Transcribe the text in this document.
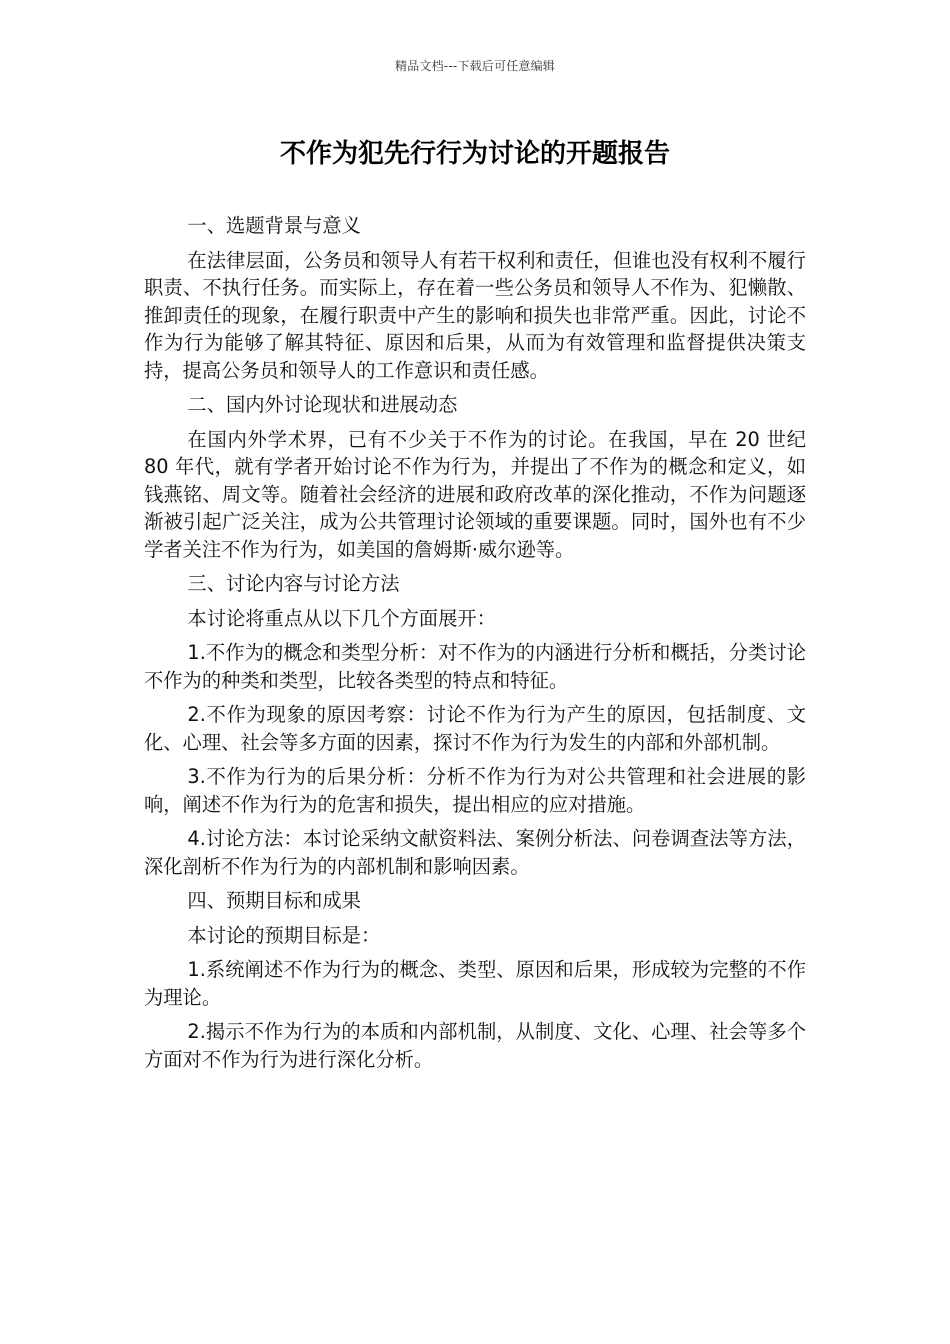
精品文档---下载后可任意编辑
不作为犯先行行为讨论的开题报告

一、选题背景与意义

在法律层面，公务员和领导人有若干权利和责任，但谁也没有权利不履行职责、不执行任务。而实际上，存在着一些公务员和领导人不作为、犯懒散、推卸责任的现象，在履行职责中产生的影响和损失也非常严重。因此，讨论不作为行为能够了解其特征、原因和后果，从而为有效管理和监督提供决策支持，提高公务员和领导人的工作意识和责任感。

二、国内外讨论现状和进展动态

在国内外学术界，已有不少关于不作为的讨论。在我国，早在 20 世纪 80 年代，就有学者开始讨论不作为行为，并提出了不作为的概念和定义，如钱燕铭、周文等。随着社会经济的进展和政府改革的深化推动，不作为问题逐渐被引起广泛关注，成为公共管理讨论领域的重要课题。同时，国外也有不少学者关注不作为行为，如美国的詹姆斯·威尔逊等。

三、讨论内容与讨论方法

本讨论将重点从以下几个方面展开：

1.不作为的概念和类型分析：对不作为的内涵进行分析和概括，分类讨论不作为的种类和类型，比较各类型的特点和特征。

2.不作为现象的原因考察：讨论不作为行为产生的原因，包括制度、文化、心理、社会等多方面的因素，探讨不作为行为发生的内部和外部机制。

3.不作为行为的后果分析：分析不作为行为对公共管理和社会进展的影响，阐述不作为行为的危害和损失，提出相应的应对措施。

4.讨论方法：本讨论采纳文献资料法、案例分析法、问卷调查法等方法，深化剖析不作为行为的内部机制和影响因素。

四、预期目标和成果

本讨论的预期目标是：

1.系统阐述不作为行为的概念、类型、原因和后果，形成较为完整的不作为理论。

2.揭示不作为行为的本质和内部机制，从制度、文化、心理、社会等多个方面对不作为行为进行深化分析。
